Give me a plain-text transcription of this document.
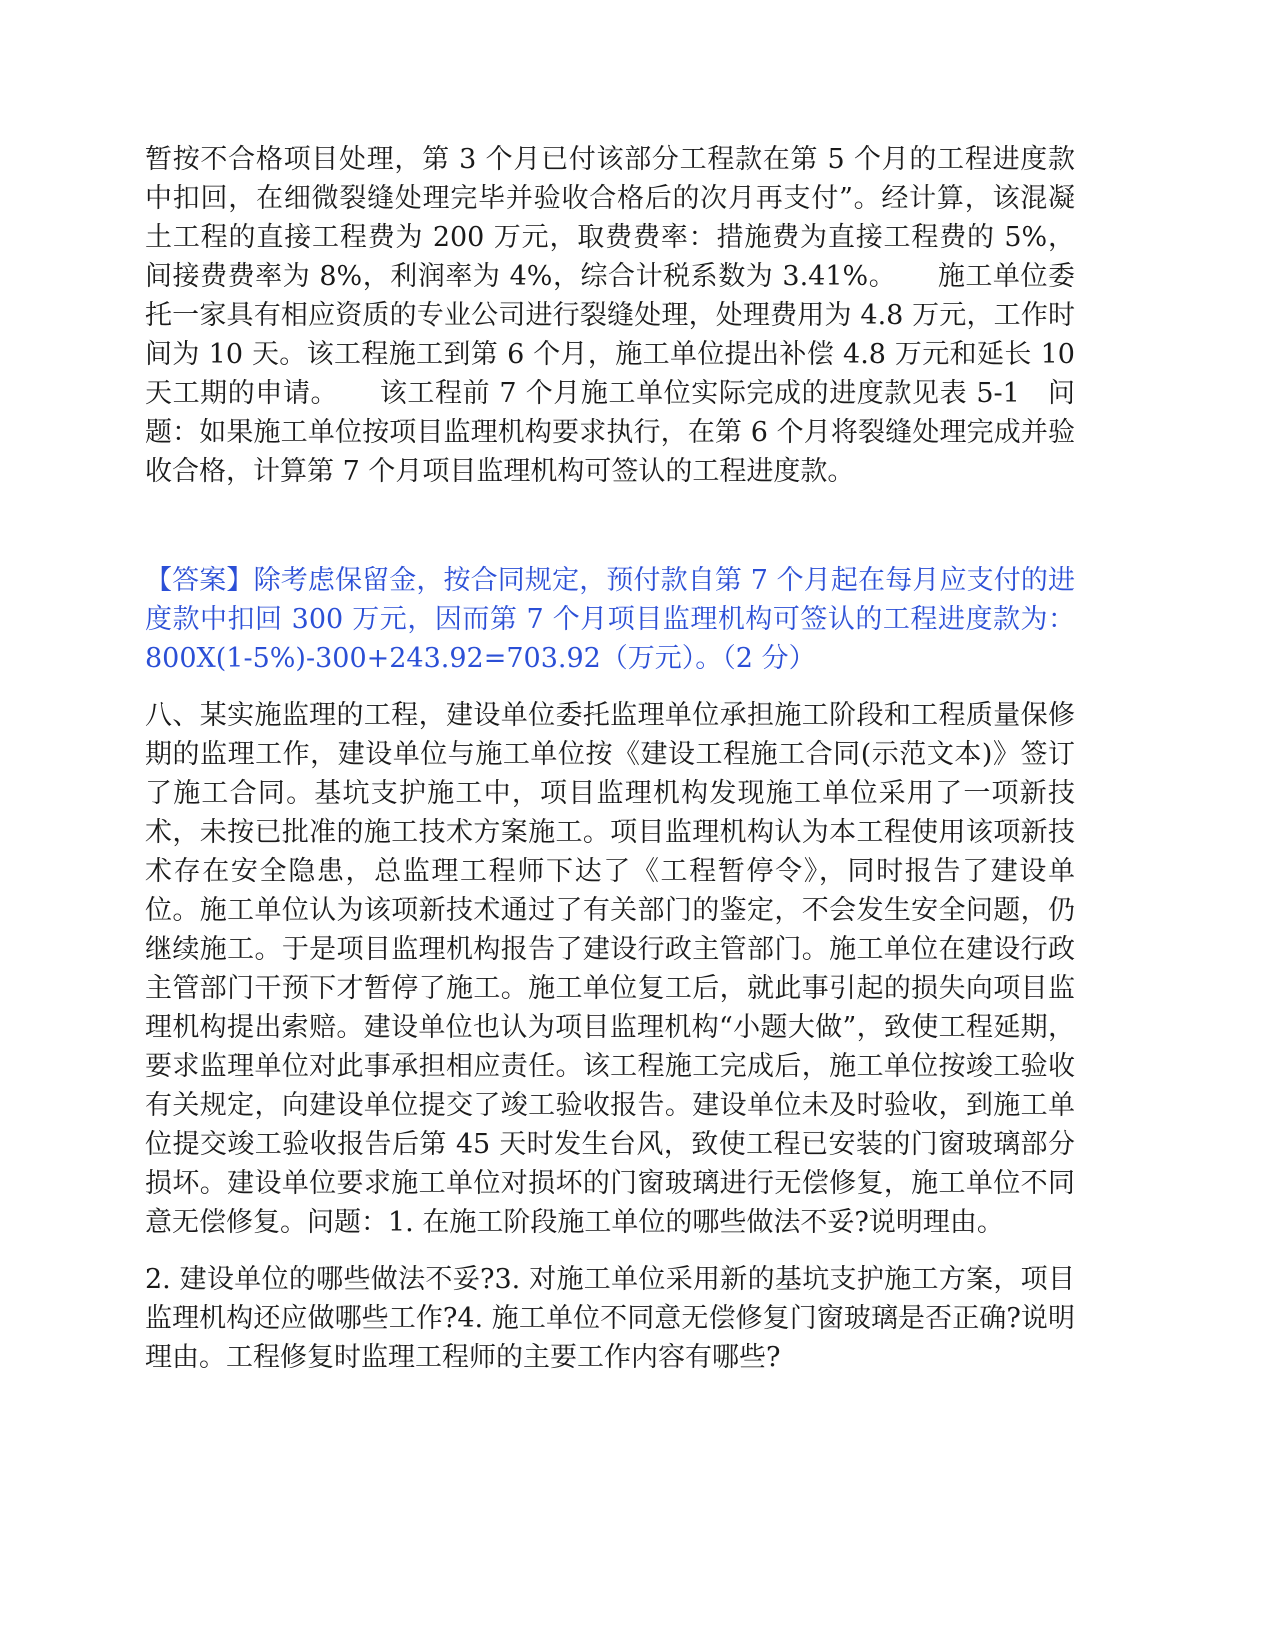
暂按不合格项目处理，第 3 个月已付该部分工程款在第 5 个月的工程进度款中扣回，在细微裂缝处理完毕并验收合格后的次月再支付”。经计算，该混凝土工程的直接工程费为 200 万元，取费费率：措施费为直接工程费的 5%，间接费费率为 8%，利润率为 4%，综合计税系数为 3.41%。　　施工单位委托一家具有相应资质的专业公司进行裂缝处理，处理费用为 4.8 万元，工作时间为 10 天。该工程施工到第 6 个月，施工单位提出补偿 4.8 万元和延长 10 天工期的申请。　　该工程前 7 个月施工单位实际完成的进度款见表 5-1　问题：如果施工单位按项目监理机构要求执行，在第 6 个月将裂缝处理完成并验收合格，计算第 7 个月项目监理机构可签认的工程进度款。

【答案】除考虑保留金，按合同规定，预付款自第 7 个月起在每月应支付的进度款中扣回 300 万元，因而第 7 个月项目监理机构可签认的工程进度款为：800X(1-5%)-300+243.92=703.92（万元）。（2 分）

八、某实施监理的工程，建设单位委托监理单位承担施工阶段和工程质量保修期的监理工作，建设单位与施工单位按《建设工程施工合同(示范文本)》签订了施工合同。基坑支护施工中，项目监理机构发现施工单位采用了一项新技术，未按已批准的施工技术方案施工。项目监理机构认为本工程使用该项新技术存在安全隐患，总监理工程师下达了《工程暂停令》，同时报告了建设单位。施工单位认为该项新技术通过了有关部门的鉴定，不会发生安全问题，仍继续施工。于是项目监理机构报告了建设行政主管部门。施工单位在建设行政主管部门干预下才暂停了施工。施工单位复工后，就此事引起的损失向项目监理机构提出索赔。建设单位也认为项目监理机构“小题大做”，致使工程延期，要求监理单位对此事承担相应责任。该工程施工完成后，施工单位按竣工验收有关规定，向建设单位提交了竣工验收报告。建设单位未及时验收，到施工单位提交竣工验收报告后第 45 天时发生台风，致使工程已安装的门窗玻璃部分损坏。建设单位要求施工单位对损坏的门窗玻璃进行无偿修复，施工单位不同意无偿修复。问题：1. 在施工阶段施工单位的哪些做法不妥?说明理由。

2. 建设单位的哪些做法不妥?3. 对施工单位采用新的基坑支护施工方案，项目监理机构还应做哪些工作?4. 施工单位不同意无偿修复门窗玻璃是否正确?说明理由。工程修复时监理工程师的主要工作内容有哪些?
